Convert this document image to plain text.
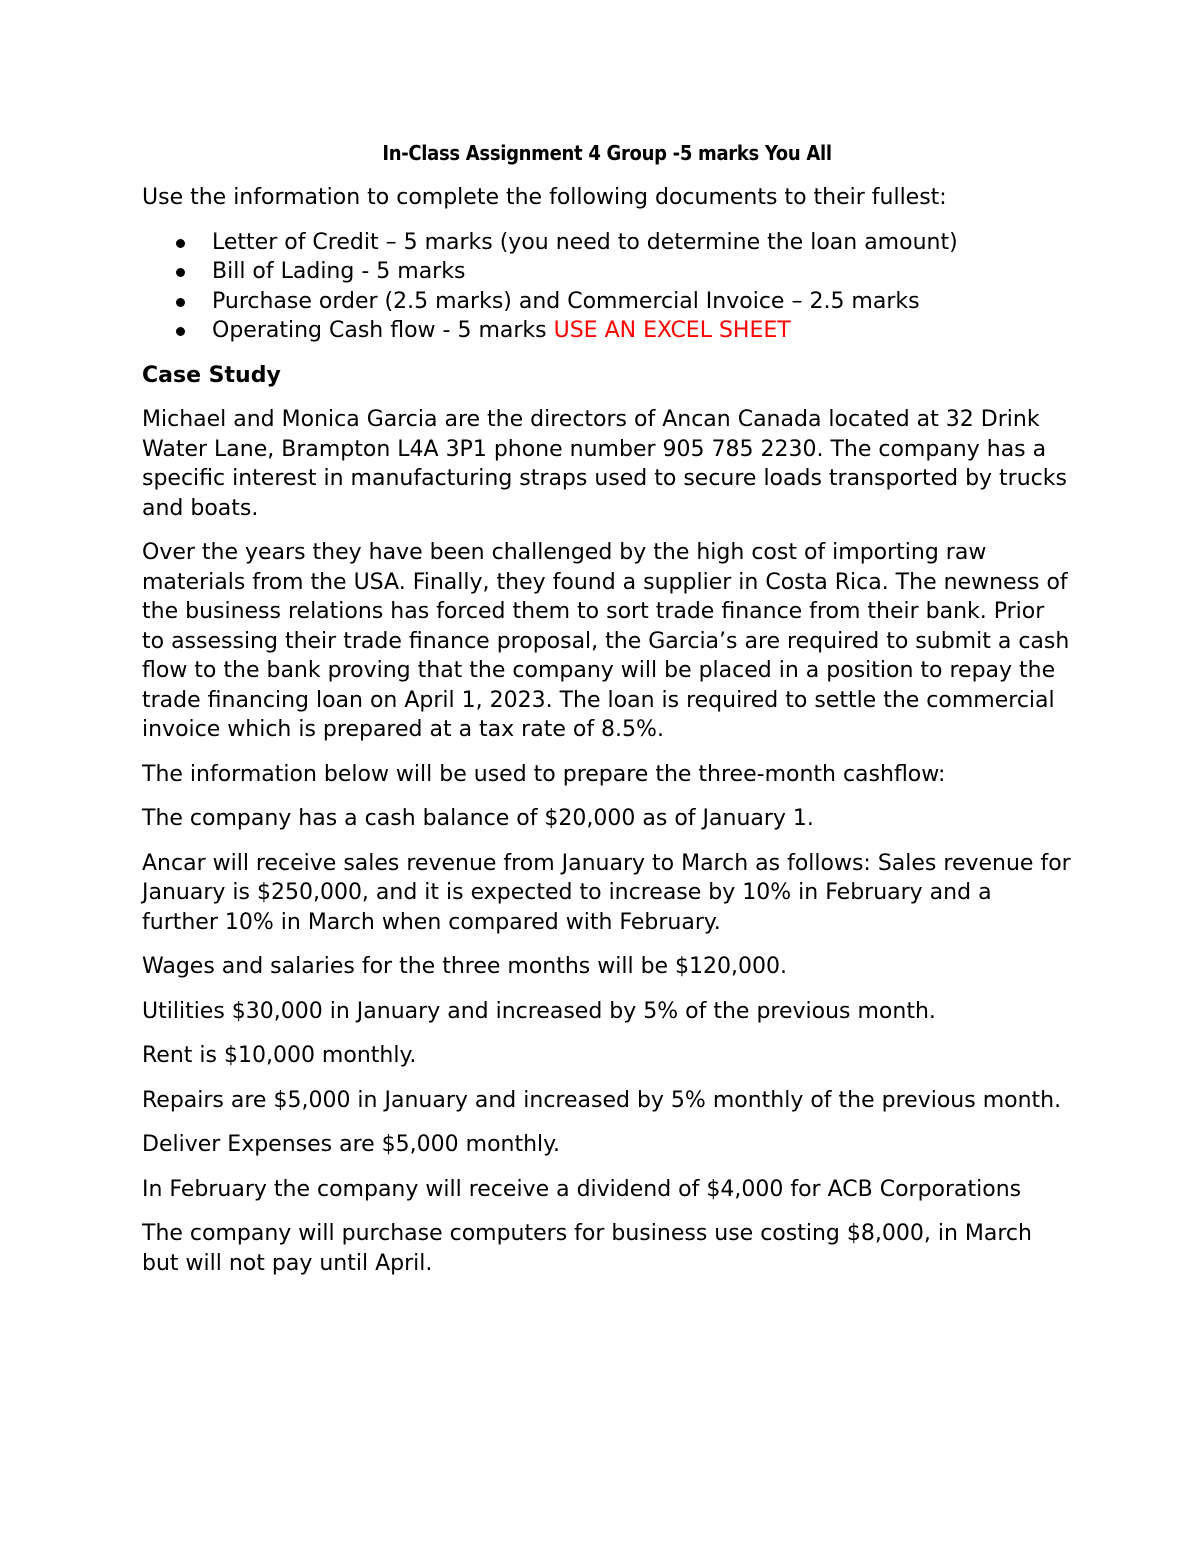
In-Class Assignment 4 Group -5 marks You All

Use the information to complete the following documents to their fullest:

Letter of Credit – 5 marks (you need to determine the loan amount)
Bill of Lading - 5 marks
Purchase order (2.5 marks) and Commercial Invoice – 2.5 marks
Operating Cash flow - 5 marks USE AN EXCEL SHEET
Case Study

Michael and Monica Garcia are the directors of Ancan Canada located at 32 Drink Water Lane, Brampton L4A 3P1 phone number 905 785 2230. The company has a specific interest in manufacturing straps used to secure loads transported by trucks and boats.

Over the years they have been challenged by the high cost of importing raw materials from the USA. Finally, they found a supplier in Costa Rica. The newness of the business relations has forced them to sort trade finance from their bank. Prior to assessing their trade finance proposal, the Garcia’s are required to submit a cash flow to the bank proving that the company will be placed in a position to repay the trade financing loan on April 1, 2023. The loan is required to settle the commercial invoice which is prepared at a tax rate of 8.5%.

The information below will be used to prepare the three-month cashflow:

The company has a cash balance of $20,000 as of January 1.

Ancar will receive sales revenue from January to March as follows: Sales revenue for January is $250,000, and it is expected to increase by 10% in February and a further 10% in March when compared with February.

Wages and salaries for the three months will be $120,000.

Utilities $30,000 in January and increased by 5% of the previous month.

Rent is $10,000 monthly.

Repairs are $5,000 in January and increased by 5% monthly of the previous month.

Deliver Expenses are $5,000 monthly.

In February the company will receive a dividend of $4,000 for ACB Corporations

The company will purchase computers for business use costing $8,000, in March but will not pay until April.
